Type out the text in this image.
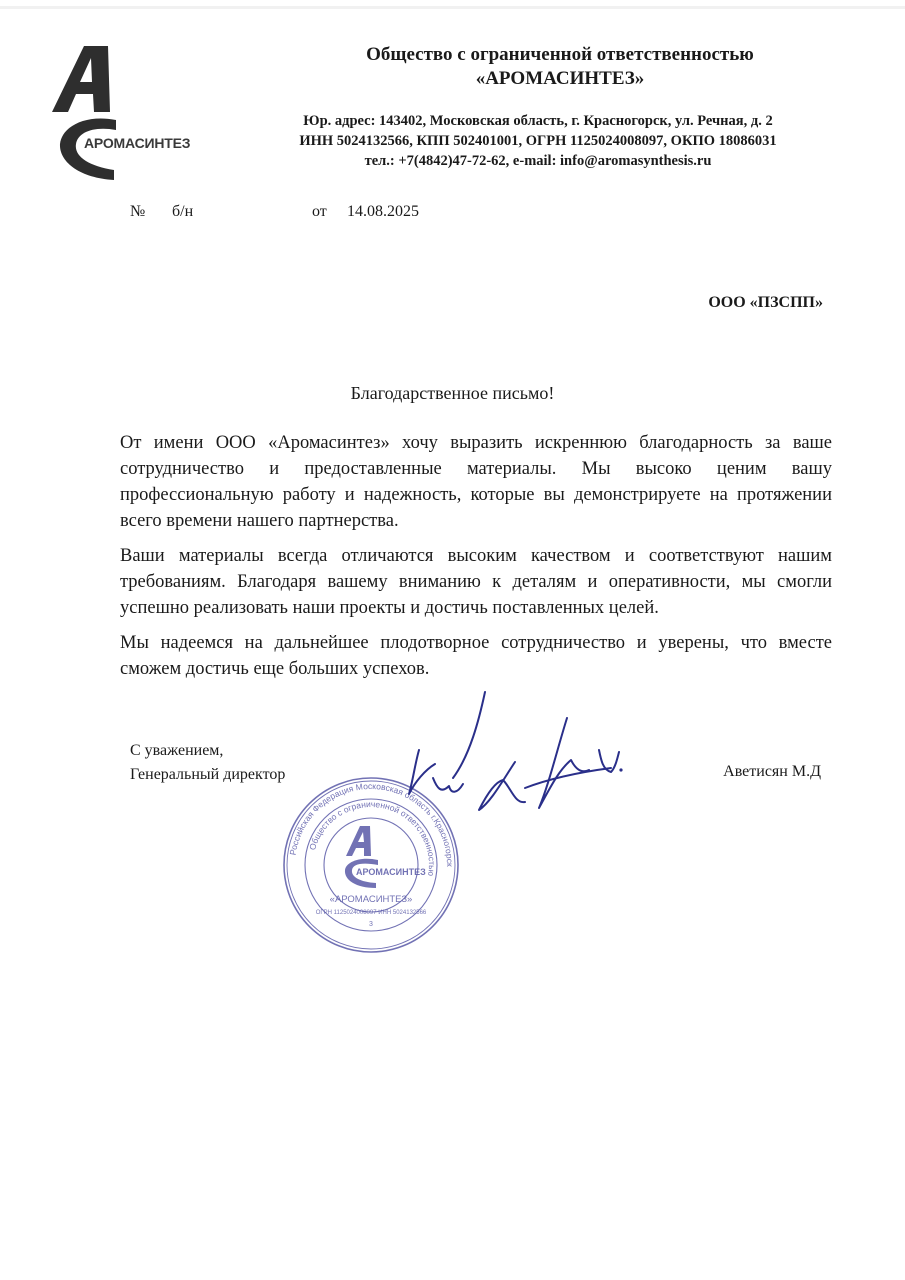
АРОМАСИНТЕЗ
Общество с ограниченной ответственностью
«АРОМАСИНТЕЗ»
Юр. адрес: 143402, Московская область, г. Красногорск, ул. Речная, д. 2
ИНН 5024132566, КПП 502401001, ОГРН 1125024008097, ОКПО 18086031
тел.: +7(4842)47-72-62, e-mail: info@aromasynthesis.ru
№ б/н	от 14.08.2025
ООО «ПЗСПП»
Благодарственное письмо!

От имени ООО «Аромасинтез» хочу выразить искреннюю благодарность за ваше сотрудничество и предоставленные материалы. Мы высоко ценим вашу профессиональную работу и надежность, которые вы демонстрируете на протяжении всего времени нашего партнерства.

Ваши материалы всегда отличаются высоким качеством и соответствуют нашим требованиям. Благодаря вашему вниманию к деталям и оперативности, мы смогли успешно реализовать наши проекты и достичь поставленных целей.

Мы надеемся на дальнейшее плодотворное сотрудничество и уверены, что вместе сможем достичь еще больших успехов.

С уважением,
Генеральный директор	Аветисян М.Д
АРОМАСИНТЕЗ
3
Российская Федерация Московская область г.Красногорск
Общество с ограниченной ответственностью
«АРОМАСИНТЕЗ»
ОГРН 1125024008097 ИНН 5024132566
